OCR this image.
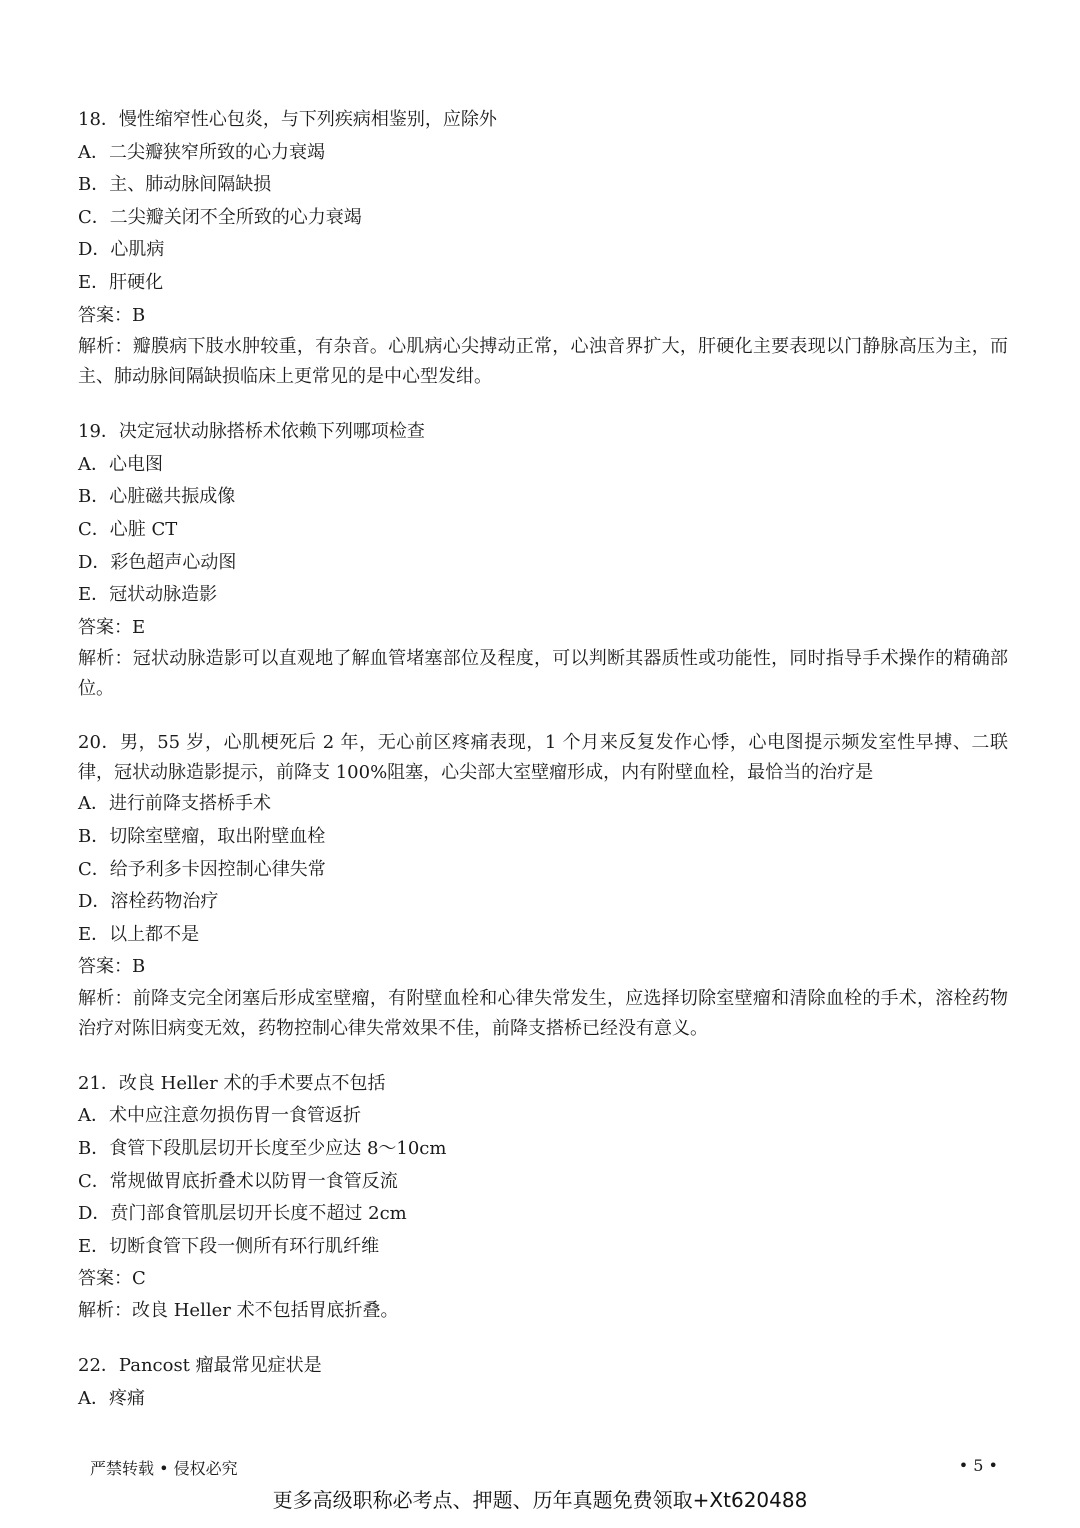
18．慢性缩窄性心包炎，与下列疾病相鉴别，应除外
A．二尖瓣狭窄所致的心力衰竭
B．主、肺动脉间隔缺损
C．二尖瓣关闭不全所致的心力衰竭
D．心肌病
E．肝硬化
答案：B
解析：瓣膜病下肢水肿较重，有杂音。心肌病心尖搏动正常，心浊音界扩大，肝硬化主要表现以门静脉高压为主，而主、肺动脉间隔缺损临床上更常见的是中心型发绀。
19．决定冠状动脉搭桥术依赖下列哪项检查
A．心电图
B．心脏磁共振成像
C．心脏 CT
D．彩色超声心动图
E．冠状动脉造影
答案：E
解析：冠状动脉造影可以直观地了解血管堵塞部位及程度，可以判断其器质性或功能性，同时指导手术操作的精确部位。
20．男，55 岁，心肌梗死后 2 年，无心前区疼痛表现，1 个月来反复发作心悸，心电图提示频发室性早搏、二联律，冠状动脉造影提示，前降支 100%阻塞，心尖部大室壁瘤形成，内有附壁血栓，最恰当的治疗是
A．进行前降支搭桥手术
B．切除室壁瘤，取出附壁血栓
C．给予利多卡因控制心律失常
D．溶栓药物治疗
E．以上都不是
答案：B
解析：前降支完全闭塞后形成室壁瘤，有附壁血栓和心律失常发生，应选择切除室壁瘤和清除血栓的手术，溶栓药物治疗对陈旧病变无效，药物控制心律失常效果不佳，前降支搭桥已经没有意义。
21．改良 Heller 术的手术要点不包括
A．术中应注意勿损伤胃一食管返折
B．食管下段肌层切开长度至少应达 8～10cm
C．常规做胃底折叠术以防胃一食管反流
D．贲门部食管肌层切开长度不超过 2cm
E．切断食管下段一侧所有环行肌纤维
答案：C
解析：改良 Heller 术不包括胃底折叠。
22．Pancost 瘤最常见症状是
A．疼痛
严禁转载 • 侵权必究	• 5 •
更多高级职称必考点、押题、历年真题免费领取+Xt620488
